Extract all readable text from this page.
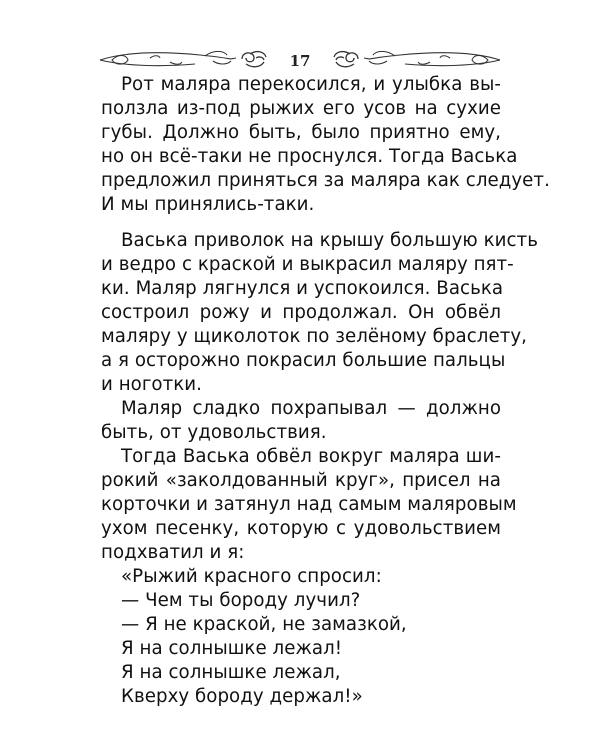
17
Рот маляра перекосился, и улыбка вы-
ползла из-под рыжих его усов на сухие
губы. Должно быть, было приятно ему,
но он всё-таки не проснулся. Тогда Васька
предложил приняться за маляра как следует.
И мы принялись-таки.
Васька приволок на крышу большую кисть
и ведро с краской и выкрасил маляру пят-
ки. Маляр лягнулся и успокоился. Васька
состроил рожу и продолжал. Он обвёл
маляру у щиколоток по зелёному браслету,
а я осторожно покрасил большие пальцы
и ноготки.
Маляр сладко похрапывал — должно
быть, от удовольствия.
Тогда Васька обвёл вокруг маляра ши-
рокий «заколдованный круг», присел на
корточки и затянул над самым маляровым
ухом песенку, которую с удовольствием
подхватил и я:
«Рыжий красного спросил:
— Чем ты бороду лучил?
— Я не краской, не замазкой,
Я на солнышке лежал!
Я на солнышке лежал,
Кверху бороду держал!»
